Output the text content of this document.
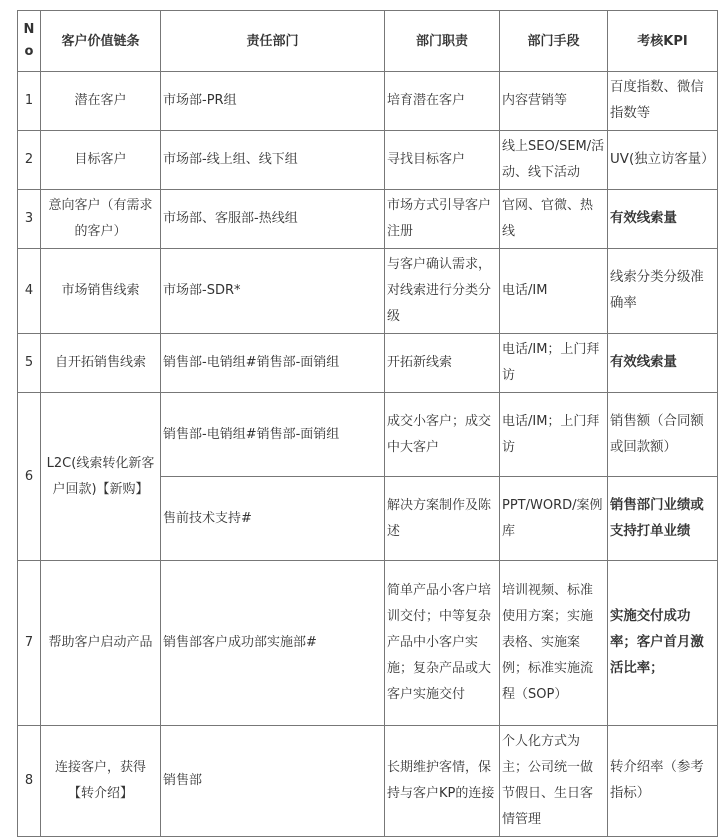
No	客户价值链条	责任部门	部门职责	部门手段	考核KPI
1	潜在客户	市场部-PR组	培育潜在客户	内容营销等	百度指数、微信指数等
2	目标客户	市场部-线上组、线下组	寻找目标客户	线上SEO/SEM/活动、线下活动	UV(独立访客量）
3	意向客户（有需求的客户）	市场部、客服部-热线组	市场方式引导客户注册	官网、官微、热线	有效线索量
4	市场销售线索	市场部-SDR*	与客户确认需求，对线索进行分类分级	电话/IM	线索分类分级准确率
5	自开拓销售线索	销售部-电销组#销售部-面销组	开拓新线索	电话/IM；上门拜访	有效线索量
6	L2C(线索转化新客户回款)【新购】	销售部-电销组#销售部-面销组	成交小客户；成交中大客户	电话/IM；上门拜访	销售额（合同额或回款额）
		售前技术支持#	解决方案制作及陈述	PPT/WORD/案例库	销售部门业绩或支持打单业绩
7	帮助客户启动产品	销售部客户成功部实施部#	简单产品小客户培训交付；中等复杂产品中小客户实施；复杂产品或大客户实施交付	培训视频、标准使用方案；实施表格、实施案例；标准实施流程（SOP）	实施交付成功率；客户首月激活比率；
8	连接客户，获得【转介绍】	销售部	长期维护客情，保持与客户KP的连接	个人化方式为主；公司统一做节假日、生日客情管理	转介绍率（参考指标）
